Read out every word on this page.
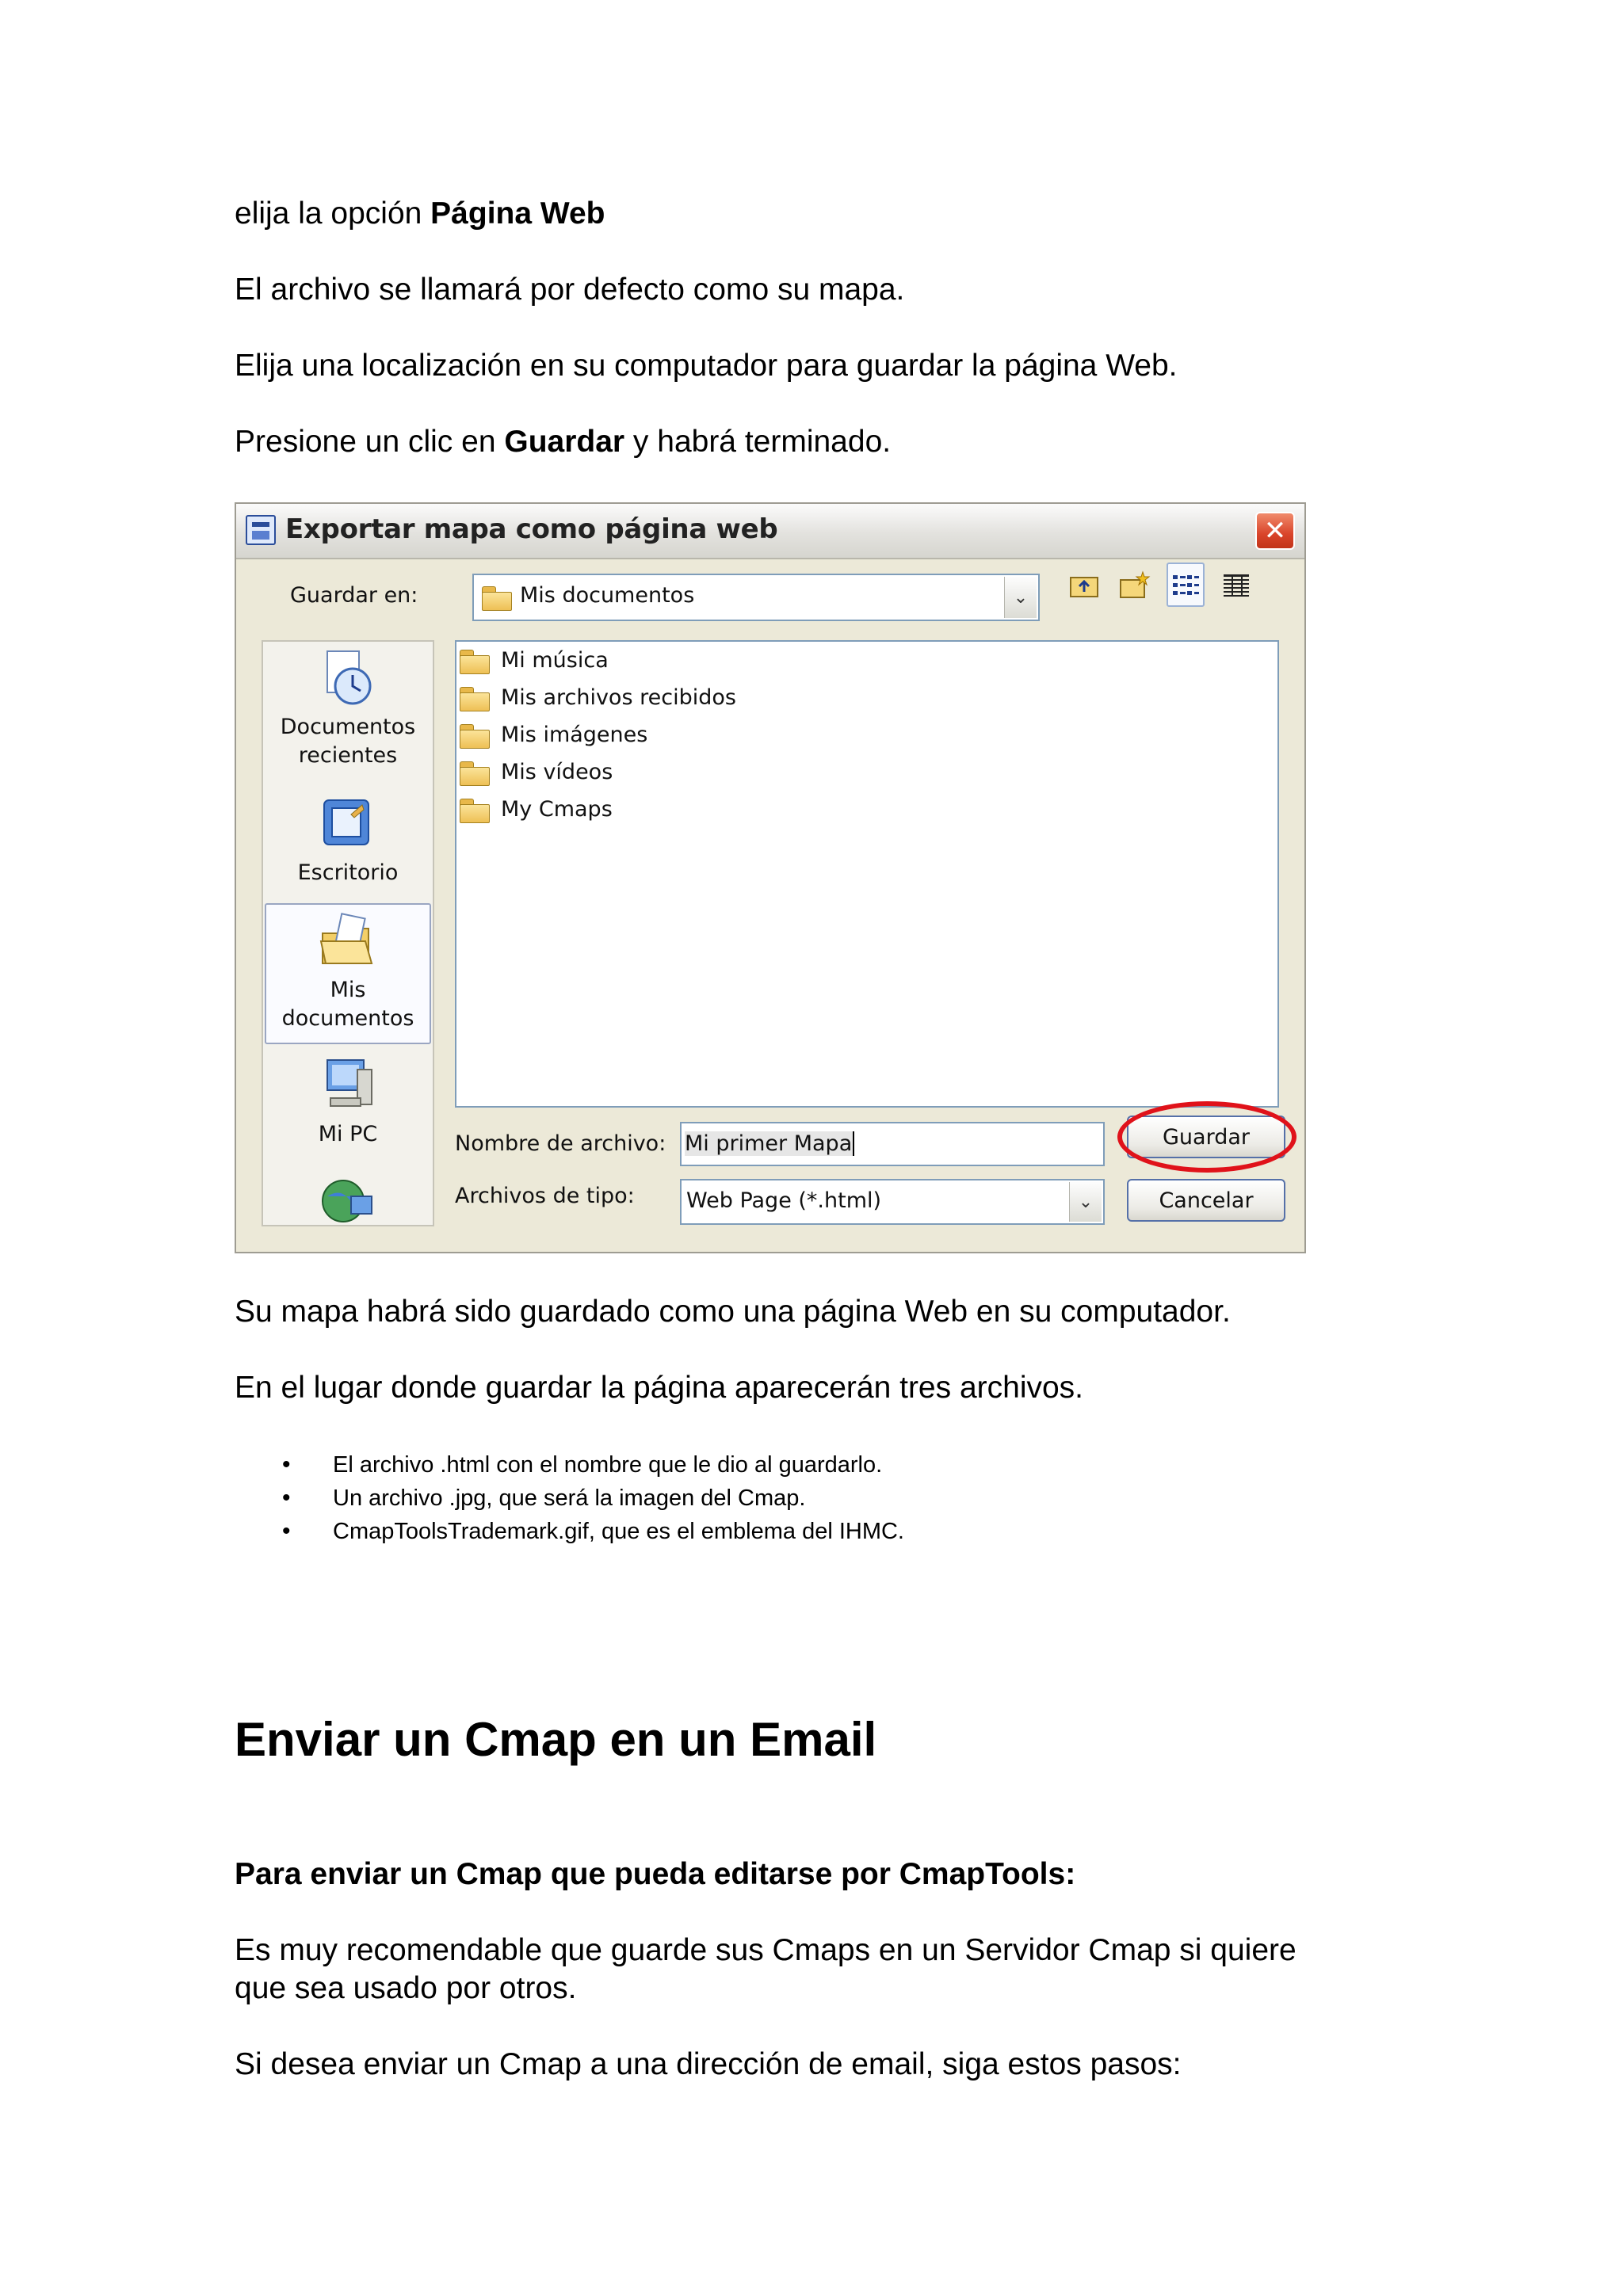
elija la opción Página Web

El archivo se llamará por defecto como su mapa.

Elija una localización en su computador para guardar la página Web.

Presione un clic en Guardar y habrá terminado.

Exportar mapa como página web	✕
Guardar en:	Mis documentos	⌄
Documentos
recientes
Escritorio
Mis documentos
Mi PC
Mi música
Mis archivos recibidos
Mis imágenes
Mis vídeos
My Cmaps
Nombre de archivo: Mi primer Mapa
Archivos de tipo: Web Page (*.html)	⌄
Guardar
Cancelar

Su mapa habrá sido guardado como una página Web en su computador.

En el lugar donde guardar la página aparecerán tres archivos.

• El archivo .html con el nombre que le dio al guardarlo.
• Un archivo .jpg, que será la imagen del Cmap.
• CmapToolsTrademark.gif, que es el emblema del IHMC.
Enviar un Cmap en un Email
Para enviar un Cmap que pueda editarse por CmapTools:

Es muy recomendable que guarde sus Cmaps en un Servidor Cmap si quiere

que sea usado por otros.

Si desea enviar un Cmap a una dirección de email, siga estos pasos:
